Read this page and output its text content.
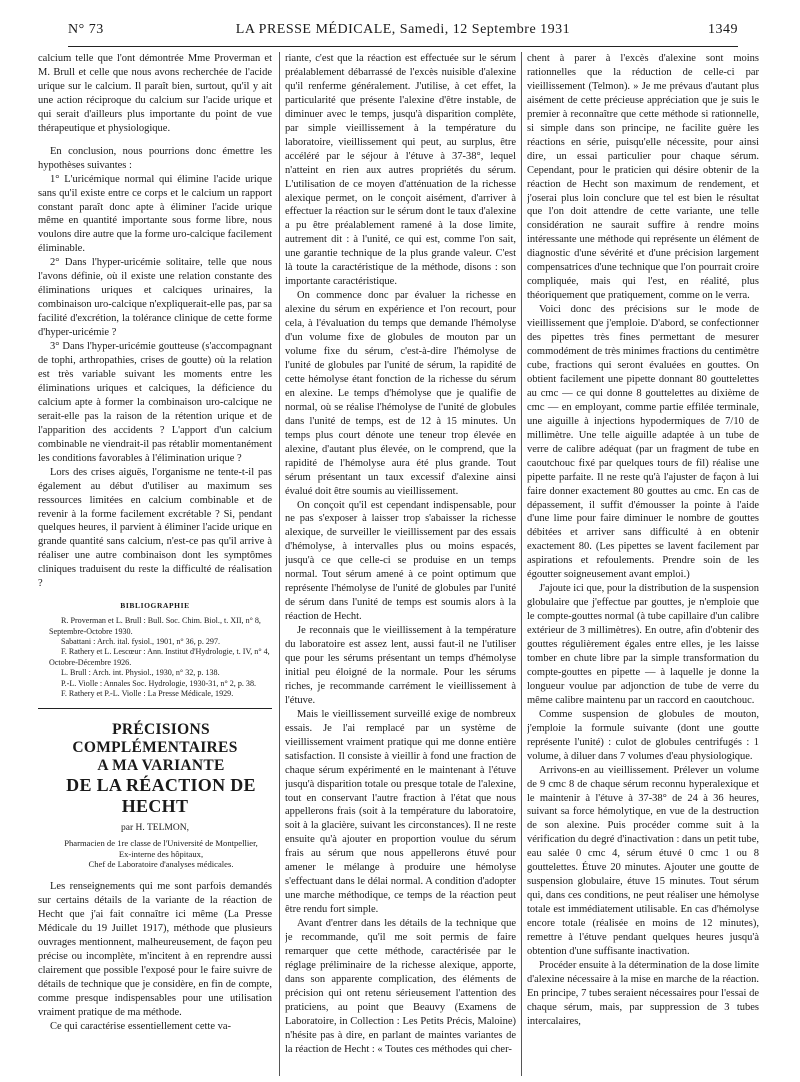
N° 73	LA PRESSE MÉDICALE, Samedi, 12 Septembre 1931	1349

calcium telle que l'ont démontrée Mme Proverman et M. Brull et celle que nous avons recherchée de l'acide urique sur le calcium. Il paraît bien, surtout, qu'il y ait une action réciproque du calcium sur l'acide urique et qui serait d'ailleurs plus importante du point de vue thérapeutique et physiologique.

En conclusion, nous pourrions donc émettre les hypothèses suivantes :

1° L'uricémique normal qui élimine l'acide urique sans qu'il existe entre ce corps et le calcium un rapport constant paraît donc apte à éliminer l'acide urique même en quantité importante sous forme libre, nous voulons dire autre que la forme uro-calcique facilement éliminable.

2° Dans l'hyper-uricémie solitaire, telle que nous l'avons définie, où il existe une relation constante des éliminations uriques et calciques urinaires, la combinaison uro-calcique n'expliquerait-elle pas, par sa facilité d'excrétion, la tolérance clinique de cette forme d'hyper-uricémie ?

3° Dans l'hyper-uricémie goutteuse (s'accompagnant de tophi, arthropathies, crises de goutte) où la relation est très variable suivant les moments entre les éliminations uriques et calciques, la déficience du calcium apte à former la combinaison uro-calcique ne serait-elle pas la raison de la rétention urique et de l'apparition des accidents ? L'apport d'un calcium combinable ne viendrait-il pas rétablir momentanément les conditions favorables à l'élimination urique ?

Lors des crises aiguës, l'organisme ne tente-t-il pas également au début d'utiliser au maximum ses ressources limitées en calcium combinable et de revenir à la forme facilement excrétable ? Si, pendant quelques heures, il parvient à éliminer l'acide urique en grande quantité sans calcium, n'est-ce pas qu'il arrive à réaliser une autre combinaison dont les symptômes cliniques traduisent du reste la difficulté de réalisation ?

BIBLIOGRAPHIE

R. Proverman et L. Brull : Bull. Soc. Chim. Biol., t. XII, n° 8, Septembre-Octobre 1930.

Sabattani : Arch. ital. fysiol., 1901, n° 36, p. 297.

F. Rathery et L. Lescœur : Ann. Institut d'Hydrologie, t. IV, n° 4, Octobre-Décembre 1926.

L. Brull : Arch. int. Physiol., 1930, n° 32, p. 138.

P.-L. Violle : Annales Soc. Hydrologie, 1930-31, n° 2, p. 38.

F. Rathery et P.-L. Violle : La Presse Médicale, 1929.

PRÉCISIONS COMPLÉMENTAIRES

A MA VARIANTE

DE LA RÉACTION DE HECHT

par H. TELMON,

Pharmacien de 1re classe de l'Université de Montpellier,

Ex-interne des hôpitaux,

Chef de Laboratoire d'analyses médicales.

Les renseignements qui me sont parfois demandés sur certains détails de la variante de la réaction de Hecht que j'ai fait connaître ici même (La Presse Médicale du 19 Juillet 1917), méthode que plusieurs ouvrages mentionnent, malheureusement, de façon peu précise ou incomplète, m'incitent à en reprendre aussi clairement que possible l'exposé pour le faire suivre de détails de technique que je considère, en fin de compte, comme presque indispensables pour une utilisation vraiment pratique de ma méthode.

Ce qui caractérise essentiellement cette va-

riante, c'est que la réaction est effectuée sur le sérum préalablement débarrassé de l'excès nuisible d'alexine qu'il renferme généralement. J'utilise, à cet effet, la particularité que présente l'alexine d'être instable, de diminuer avec le temps, jusqu'à disparition complète, par simple vieillissement à la température du laboratoire, vieillissement qui peut, au surplus, être accéléré par le séjour à l'étuve à 37-38°, lequel n'atteint en rien aux autres propriétés du sérum. L'utilisation de ce moyen d'atténuation de la richesse alexique permet, on le conçoit aisément, d'arriver à effectuer la réaction sur le sérum dont le taux d'alexine a pu être préalablement ramené à la dose limite, autrement dit : à l'unité, ce qui est, comme l'on sait, une garantie technique de la plus grande valeur. C'est là toute la caractéristique de la méthode, disons : son importante caractéristique.

On commence donc par évaluer la richesse en alexine du sérum en expérience et l'on recourt, pour cela, à l'évaluation du temps que demande l'hémolyse d'un volume fixe de globules de mouton par un volume fixe du sérum, c'est-à-dire l'hémolyse de l'unité de globules par l'unité de sérum, la rapidité de cette hémolyse étant fonction de la richesse du sérum en alexine. Le temps d'hémolyse que je qualifie de normal, où se réalise l'hémolyse de l'unité de globules dans l'unité de temps, est de 12 à 15 minutes. Un temps plus court dénote une teneur trop élevée en alexine, d'autant plus élevée, on le comprend, que la rapidité de l'hémolyse aura été plus grande. Tout sérum présentant un taux excessif d'alexine ainsi évalué doit être soumis au vieillissement.

On conçoit qu'il est cependant indispensable, pour ne pas s'exposer à laisser trop s'abaisser la richesse alexique, de surveiller le vieillissement par des essais d'hémolyse, à intervalles plus ou moins espacés, jusqu'à ce que celle-ci se produise en un temps normal. Tout sérum amené à ce point optimum que représente l'hémolyse de l'unité de globules par l'unité de sérum dans l'unité de temps est soumis alors à la réaction de Hecht.

Je reconnais que le vieillissement à la température du laboratoire est assez lent, aussi faut-il ne l'utiliser que pour les sérums présentant un temps d'hémolyse initial peu éloigné de la normale. Pour les sérums riches, je recommande carrément le vieillissement à l'étuve.

Mais le vieillissement surveillé exige de nombreux essais. Je l'ai remplacé par un système de vieillissement vraiment pratique qui me donne entière satisfaction. Il consiste à vieillir à fond une fraction de chaque sérum expérimenté en le maintenant à l'étuve jusqu'à disparition totale ou presque totale de l'alexine, tout en conservant l'autre fraction à l'état que nous appellerons frais (soit à la température du laboratoire, soit à la glacière, suivant les circonstances). Il ne reste ensuite qu'à ajouter en proportion voulue du sérum frais au sérum que nous appellerons étuvé pour amener le mélange à produire une hémolyse s'effectuant dans le délai normal. A condition d'adopter une marche méthodique, ce temps de la réaction peut être rendu fort simple.

Avant d'entrer dans les détails de la technique que je recommande, qu'il me soit permis de faire remarquer que cette méthode, caractérisée par le réglage préliminaire de la richesse alexique, apporte, dans son apparente complication, des éléments de précision qui ont retenu sérieusement l'attention des praticiens, au point que Beauvy (Examens de Laboratoire, in Collection : Les Petits Précis, Maloine) n'hésite pas à dire, en parlant de maintes variantes de la réaction de Hecht : « Toutes ces méthodes qui cher-

chent à parer à l'excès d'alexine sont moins rationnelles que la réduction de celle-ci par vieillissement (Telmon). » Je me prévaus d'autant plus aisément de cette précieuse appréciation que je suis le premier à reconnaître que cette méthode si rationnelle, si simple dans son principe, ne facilite guère les réactions en série, puisqu'elle nécessite, pour ainsi dire, un essai particulier pour chaque sérum. Cependant, pour le praticien qui désire obtenir de la réaction de Hecht son maximum de rendement, et j'oserai plus loin conclure que tel est bien le résultat que l'on doit attendre de cette variante, une telle considération ne saurait suffire à rendre moins intéressante une méthode qui représente un élément de diagnostic d'une sévérité et d'une précision largement compensatrices d'une technique que l'on pourrait croire compliquée, mais qui l'est, en réalité, plus théoriquement que pratiquement, comme on le verra.

Voici donc des précisions sur le mode de vieillissement que j'emploie. D'abord, se confectionner des pipettes très fines permettant de mesurer commodément de très minimes fractions du centimètre cube, fractions qui seront évaluées en gouttes. On obtient facilement une pipette donnant 80 gouttelettes au cmc — ce qui donne 8 gouttelettes au dixième de cmc — en employant, comme partie effilée terminale, une aiguille à injections hypodermiques de 7/10 de millimètre. Une telle aiguille adaptée à un tube de verre de calibre adéquat (par un fragment de tube en caoutchouc fixé par quelques tours de fil) réalise une pipette parfaite. Il ne reste qu'à l'ajuster de façon à lui faire donner exactement 80 gouttes au cmc. En cas de dépassement, il suffit d'émousser la pointe à l'aide d'une lime pour faire diminuer le nombre de gouttes débitées et arriver sans difficulté à en obtenir exactement 80. (Les pipettes se lavent facilement par aspirations et refoulements. Prendre soin de les égoutter soigneusement avant emploi.)

J'ajoute ici que, pour la distribution de la suspension globulaire que j'effectue par gouttes, je n'emploie que le compte-gouttes normal (à tube capillaire d'un calibre extérieur de 3 millimètres). En outre, afin d'obtenir des gouttes régulièrement égales entre elles, je les laisse tomber en chute libre par la simple transformation du compte-gouttes en pipette — à laquelle je donne la longueur voulue par adjonction de tube de verre du même calibre maintenu par un raccord en caoutchouc.

Comme suspension de globules de mouton, j'emploie la formule suivante (dont une goutte représente l'unité) : culot de globules centrifugés : 1 volume, à diluer dans 7 volumes d'eau physiologique.

Arrivons-en au vieillissement. Prélever un volume de 9 cmc 8 de chaque sérum reconnu hyperalexique et le maintenir à l'étuve à 37-38° de 24 à 36 heures, suivant sa force hémolytique, en vue de la destruction de son alexine. Puis procéder comme suit à la vérification du degré d'inactivation : dans un petit tube, eau salée 0 cmc 4, sérum étuvé 0 cmc 1 ou 8 gouttelettes. Étuve 20 minutes. Ajouter une goutte de suspension globulaire, étuve 15 minutes. Tout sérum qui, dans ces conditions, ne peut réaliser une hémolyse totale est immédiatement utilisable. En cas d'hémolyse encore totale (réalisée en moins de 12 minutes), remettre à l'étuve pendant quelques heures jusqu'à obtention d'une suffisante inactivation.

Procéder ensuite à la détermination de la dose limite d'alexine nécessaire à la mise en marche de la réaction. En principe, 7 tubes seraient nécessaires pour l'essai de chaque sérum, mais, par suppression de 3 tubes intercalaires,
